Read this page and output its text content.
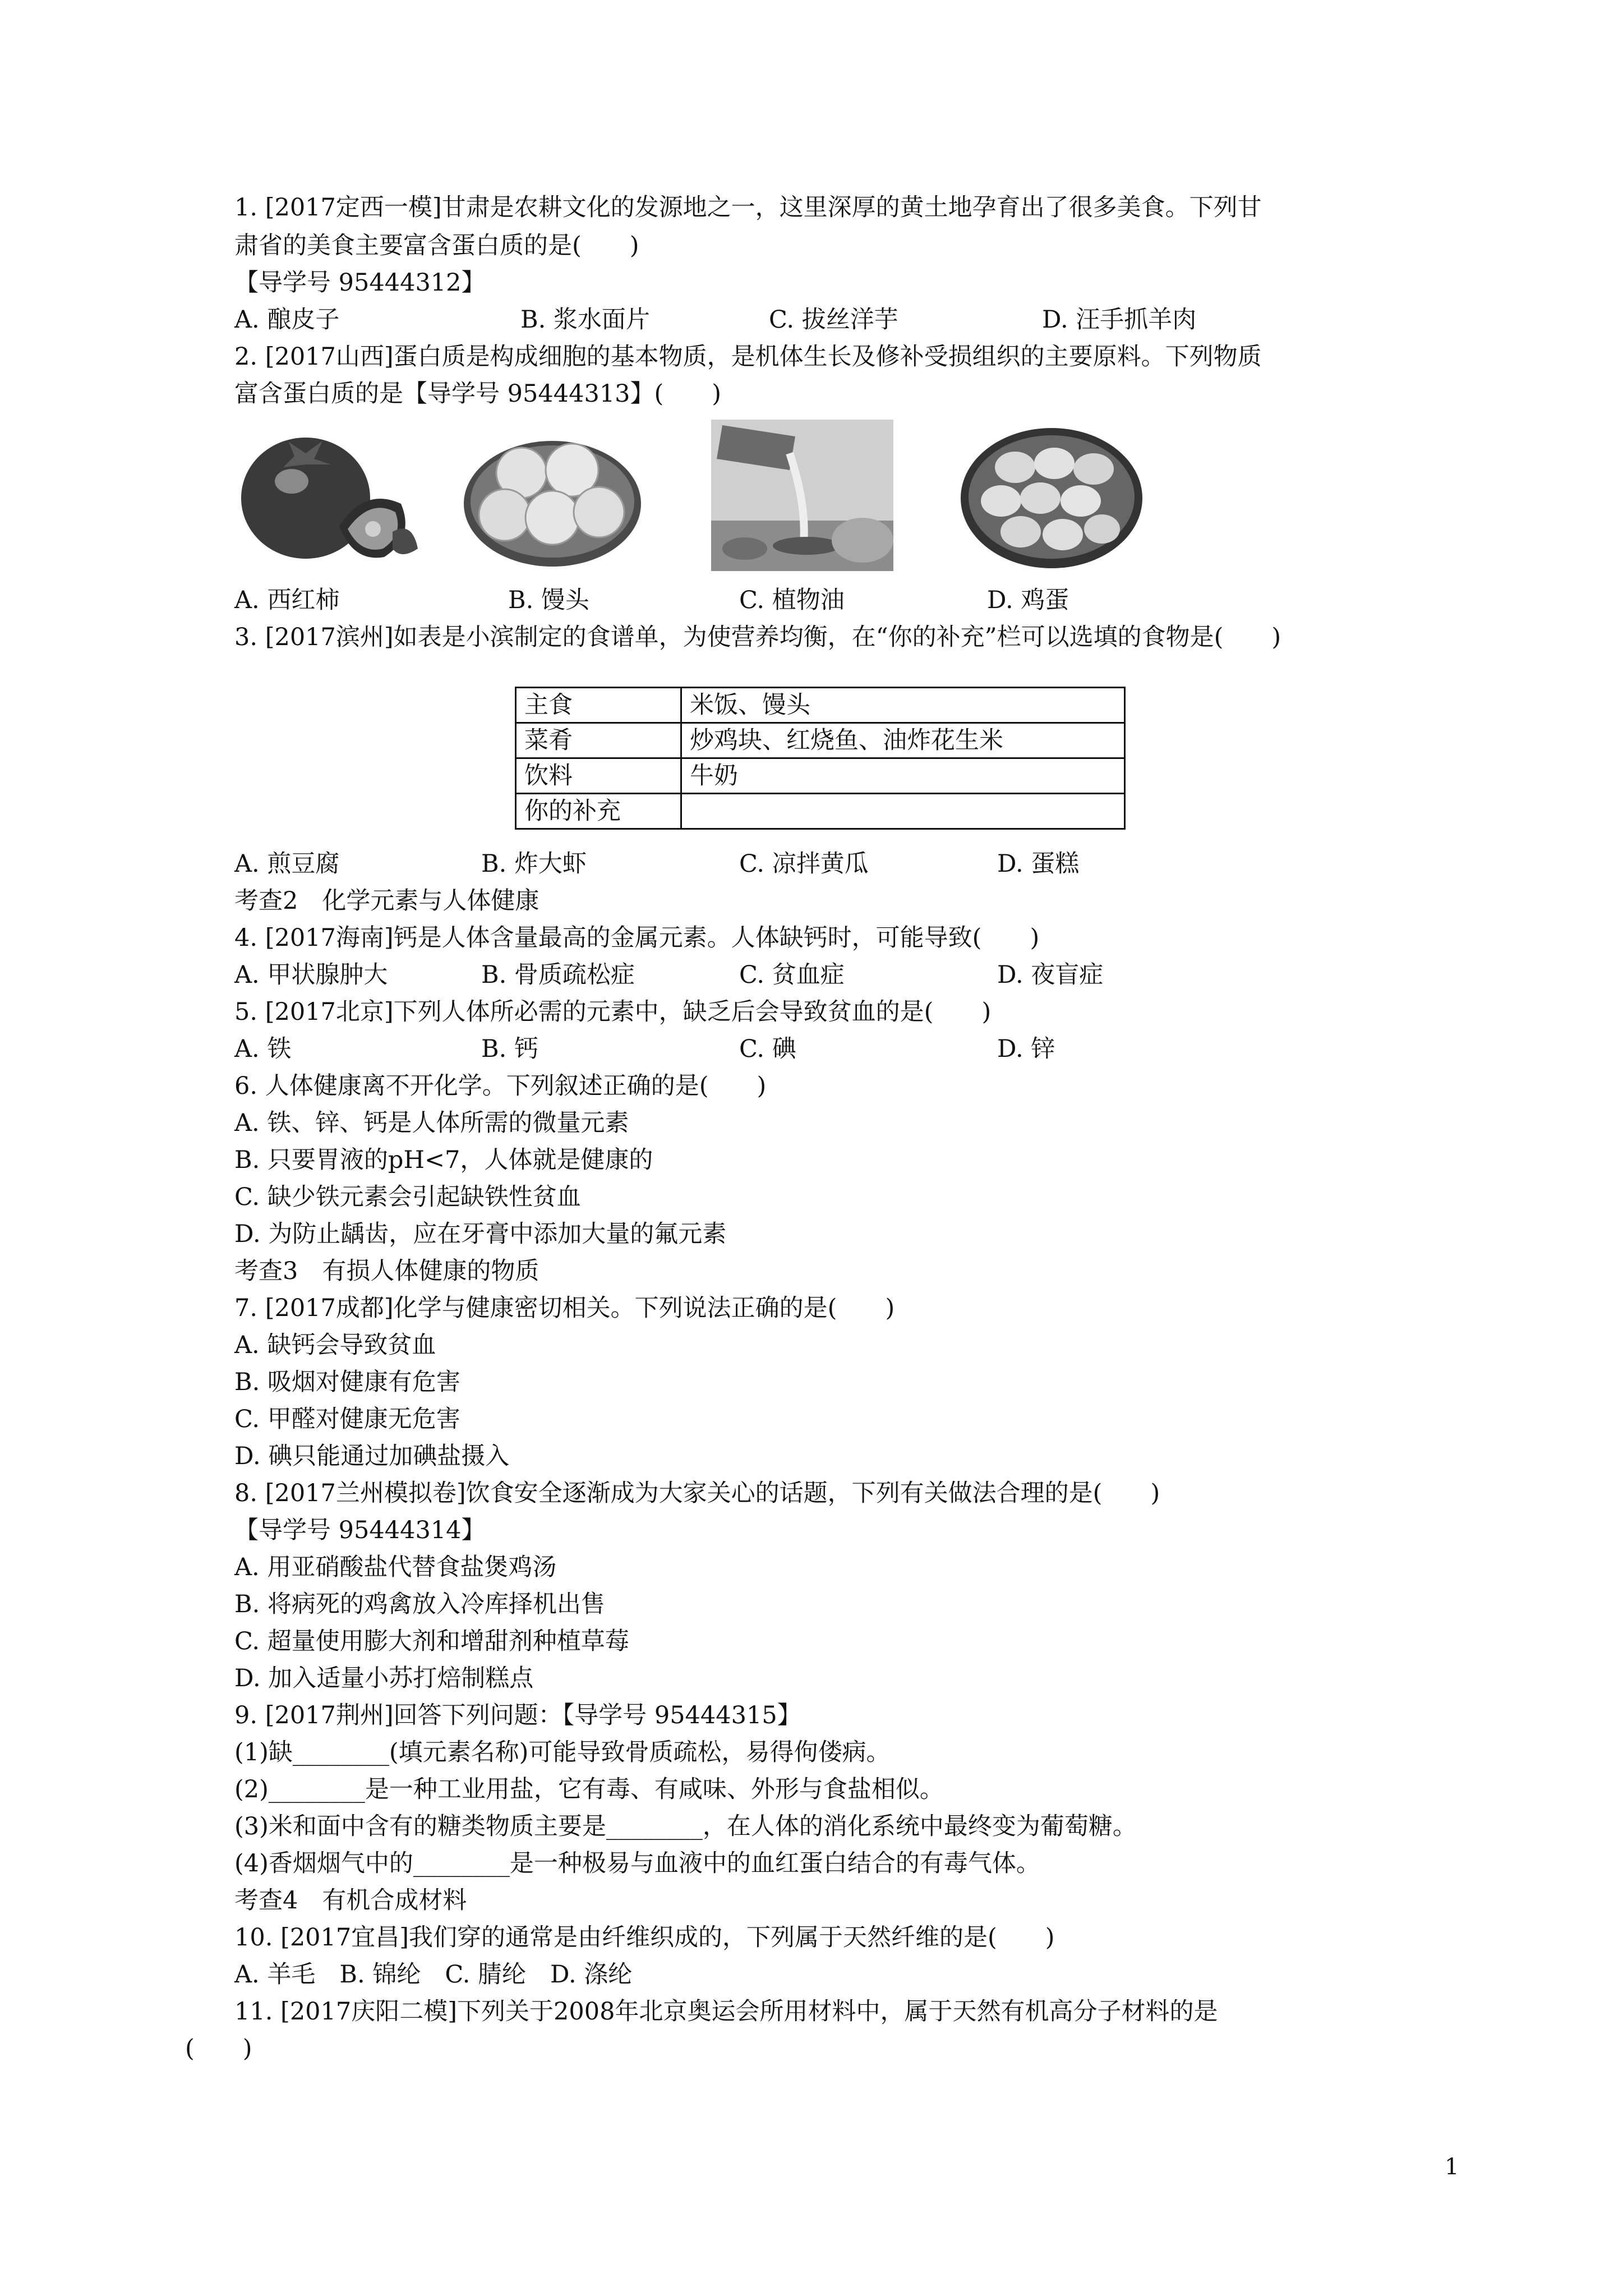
1. [2017定西一模]甘肃是农耕文化的发源地之一，这里深厚的黄土地孕育出了很多美食。下列甘
肃省的美食主要富含蛋白质的是(　　)
【导学号 95444312】
A. 酿皮子	B. 浆水面片	C. 拔丝洋芋	D. 汪手抓羊肉
2. [2017山西]蛋白质是构成细胞的基本物质，是机体生长及修补受损组织的主要原料。下列物质
富含蛋白质的是【导学号 95444313】(　　)
A. 西红柿	B. 馒头	C. 植物油	D. 鸡蛋
3. [2017滨州]如表是小滨制定的食谱单，为使营养均衡，在“你的补充”栏可以选填的食物是(　　)
主食	米饭、馒头
菜肴	炒鸡块、红烧鱼、油炸花生米
饮料	牛奶
你的补充	
A. 煎豆腐	B. 炸大虾	C. 凉拌黄瓜	D. 蛋糕
考查2　化学元素与人体健康
4. [2017海南]钙是人体含量最高的金属元素。人体缺钙时，可能导致(　　)
A. 甲状腺肿大	B. 骨质疏松症	C. 贫血症	D. 夜盲症
5. [2017北京]下列人体所必需的元素中，缺乏后会导致贫血的是(　　)
A. 铁	B. 钙	C. 碘	D. 锌
6. 人体健康离不开化学。下列叙述正确的是(　　)
A. 铁、锌、钙是人体所需的微量元素
B. 只要胃液的pH<7，人体就是健康的
C. 缺少铁元素会引起缺铁性贫血
D. 为防止龋齿，应在牙膏中添加大量的氟元素
考查3　有损人体健康的物质
7. [2017成都]化学与健康密切相关。下列说法正确的是(　　)
A. 缺钙会导致贫血
B. 吸烟对健康有危害
C. 甲醛对健康无危害
D. 碘只能通过加碘盐摄入
8. [2017兰州模拟卷]饮食安全逐渐成为大家关心的话题，下列有关做法合理的是(　　)
【导学号 95444314】
A. 用亚硝酸盐代替食盐煲鸡汤
B. 将病死的鸡禽放入冷库择机出售
C. 超量使用膨大剂和增甜剂种植草莓
D. 加入适量小苏打焙制糕点
9. [2017荆州]回答下列问题：【导学号 95444315】
(1)缺________(填元素名称)可能导致骨质疏松，易得佝偻病。
(2)________是一种工业用盐，它有毒、有咸味、外形与食盐相似。
(3)米和面中含有的糖类物质主要是________，在人体的消化系统中最终变为葡萄糖。
(4)香烟烟气中的________是一种极易与血液中的血红蛋白结合的有毒气体。
考查4　有机合成材料
10. [2017宜昌]我们穿的通常是由纤维织成的，下列属于天然纤维的是(　　)
A. 羊毛　B. 锦纶　C. 腈纶　D. 涤纶
11. [2017庆阳二模]下列关于2008年北京奥运会所用材料中，属于天然有机高分子材料的是
(　　)
1
